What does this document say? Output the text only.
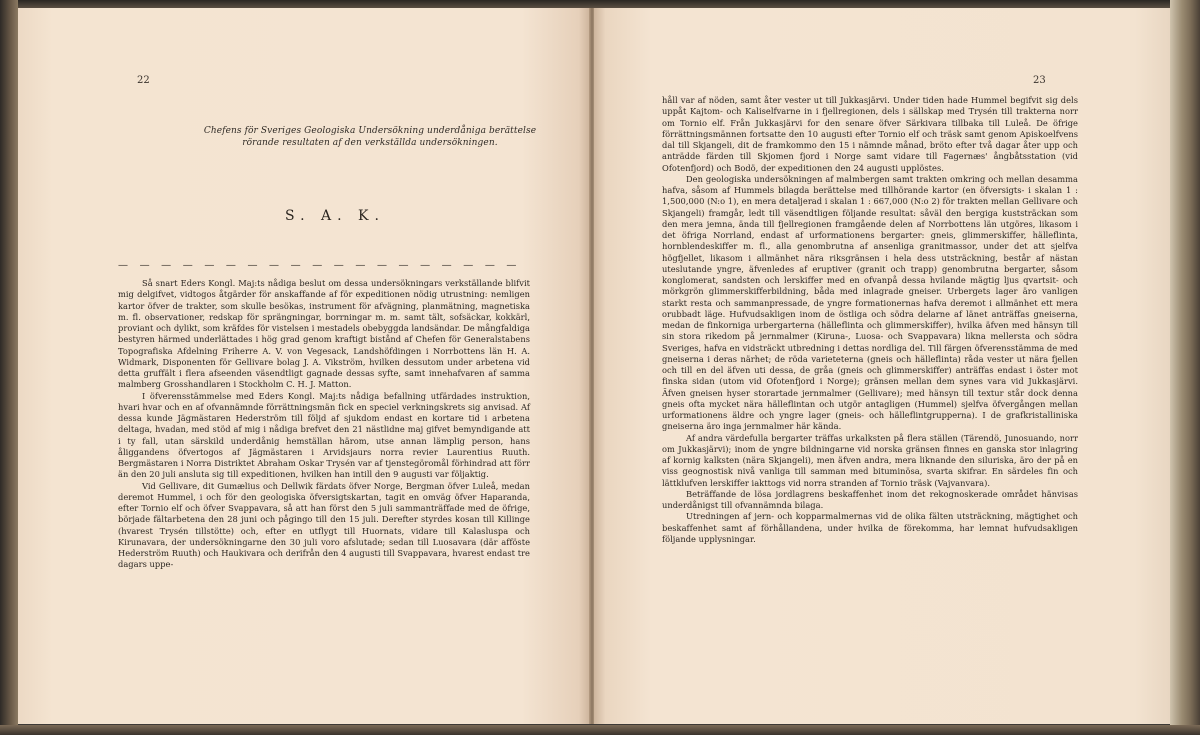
22	23
Chefens för Sveriges Geologiska Undersökning underdåniga berättelse
rörande resultaten af den verkställda undersökningen.
S. A. K.
— — — — — — — — — — — — — — — — — — —

Så snart Eders Kongl. Maj:ts nådiga beslut om dessa undersökningars verkställande blifvit mig delgifvet, vidtogos åtgärder för anskaffande af för expeditionen nödig utrustning: nemligen kartor öfver de trakter, som skulle besökas, instrument för afvägning, planmätning, magnetiska m. fl. observationer, redskap för sprängningar, borrningar m. m. samt tält, sofsäckar, kokkärl, proviant och dylikt, som kräfdes för vistelsen i mestadels obebyggda landsändar. De mångfaldiga bestyren härmed underlättades i hög grad genom kraftigt bistånd af Chefen för Generalstabens Topografiska Afdelning Friherre A. V. von Vegesack, Landshöfdingen i Norrbottens län H. A. Widmark, Disponenten för Gellivare bolag J. A. Vikström, hvilken dessutom under arbetena vid detta gruffält i flera afseenden väsendtligt gagnade dessas syfte, samt innehafvaren af samma malmberg Grosshandlaren i Stockholm C. H. J. Matton.

I öfverensstämmelse med Eders Kongl. Maj:ts nådiga befallning utfärdades instruktion, hvari hvar och en af ofvannämnde förrättningsmän fick en speciel verkningskrets sig anvisad. Af dessa kunde Jägmästaren Hederström till följd af sjukdom endast en kortare tid i arbetena deltaga, hvadan, med stöd af mig i nådiga brefvet den 21 nästlidne maj gifvet bemyndigande att i ty fall, utan särskild underdånig hemställan härom, utse annan lämplig person, hans åliggandens öfvertogos af Jägmästaren i Arvidsjaurs norra revier Laurentius Ruuth. Bergmästaren i Norra Distriktet Abraham Oskar Trysén var af tjenstegöromål förhindrad att förr än den 20 juli ansluta sig till expeditionen, hvilken han intill den 9 augusti var följaktig.

Vid Gellivare, dit Gumælius och Dellwik färdats öfver Norge, Bergman öfver Luleå, medan deremot Hummel, i och för den geologiska öfversigtskartan, tagit en omväg öfver Haparanda, efter Tornio elf och öfver Svappavara, så att han först den 5 juli sammanträffade med de öfrige, började fältarbetena den 28 juni och pågingo till den 15 juli. Derefter styrdes kosan till Killinge (hvarest Trysén tillstötte) och, efter en utflygt till Huornats, vidare till Kalasluspa och Kirunavara, der undersökningarne den 30 juli voro afslutade; sedan till Luosavara (där afföste Hederström Ruuth) och Haukivara och derifrån den 4 augusti till Svappavara, hvarest endast tre dagars uppe-

håll var af nöden, samt åter vester ut till Jukkasjärvi. Under tiden hade Hummel begifvit sig dels uppåt Kajtom- och Kaliselfvarne in i fjellregionen, dels i sällskap med Trysén till trakterna norr om Tornio elf. Från Jukkasjärvi for den senare öfver Särkivara tillbaka till Luleå. De öfrige förrättningsmännen fortsatte den 10 augusti efter Tornio elf och träsk samt genom Apiskoelfvens dal till Skjangeli, dit de framkommo den 15 i nämnde månad, bröto efter två dagar åter upp och anträdde färden till Skjomen fjord i Norge samt vidare till Fagernæs' ångbåtsstation (vid Ofotenfjord) och Bodö, der expeditionen den 24 augusti upplöstes.

Den geologiska undersökningen af malmbergen samt trakten omkring och mellan desamma hafva, såsom af Hummels bilagda berättelse med tillhörande kartor (en öfversigts- i skalan 1 : 1,500,000 (N:o 1), en mera detaljerad i skalan 1 : 667,000 (N:o 2) för trakten mellan Gellivare och Skjangeli) framgår, ledt till väsendtligen följande resultat: såväl den bergiga kuststräckan som den mera jemna, ända till fjellregionen framgående delen af Norrbottens län utgöres, likasom i det öfriga Norrland, endast af urformationens bergarter: gneis, glimmerskiffer, hälleflinta, hornblendeskiffer m. fl., alla genombrutna af ansenliga granitmassor, under det att sjelfva högfjellet, likasom i allmänhet nära riksgränsen i hela dess utsträckning, består af nästan uteslutande yngre, äfvenledes af eruptiver (granit och trapp) genombrutna bergarter, såsom konglomerat, sandsten och lerskiffer med en ofvanpå dessa hvilande mägtig ljus qvartsit- och mörkgrön glimmerskifferbildning, båda med inlagrade gneiser. Urbergets lager äro vanligen starkt resta och sammanpressade, de yngre formationernas hafva deremot i allmänhet ett mera orubbadt läge. Hufvudsakligen inom de östliga och södra delarne af länet anträffas gneiserna, medan de finkorniga urbergarterna (hälleflinta och glimmerskiffer), hvilka äfven med hänsyn till sin stora rikedom på jernmalmer (Kiruna-, Luosa- och Svappavara) likna mellersta och södra Sveriges, hafva en vidsträckt utbredning i dettas nordliga del. Till färgen öfverensstämma de med gneiserna i deras närhet; de röda varieteterna (gneis och hälleflinta) råda vester ut nära fjellen och till en del äfven uti dessa, de gråa (gneis och glimmerskiffer) anträffas endast i öster mot finska sidan (utom vid Ofotenfjord i Norge); gränsen mellan dem synes vara vid Jukkasjärvi. Äfven gneisen hyser storartade jernmalmer (Gellivare); med hänsyn till textur står dock denna gneis ofta mycket nära hälleflintan och utgör antagligen (Hummel) sjelfva öfvergången mellan urformationens äldre och yngre lager (gneis- och hälleflintgrupperna). I de grafkristalliniska gneiserna äro inga jernmalmer här kända.

Af andra värdefulla bergarter träffas urkalksten på flera ställen (Tärendö, Junosuando, norr om Jukkasjärvi); inom de yngre bildningarne vid norska gränsen finnes en ganska stor inlagring af kornig kalksten (nära Skjangeli), men äfven andra, mera liknande den siluriska, äro der på en viss geognostisk nivå vanliga till samman med bituminösa, svarta skifrar. En särdeles fin och lättklufven lerskiffer iakttogs vid norra stranden af Tornio träsk (Vajvanvara).

Beträffande de lösa jordlagrens beskaffenhet inom det rekognoskerade området hänvisas underdånigst till ofvannämnda bilaga.

Utredningen af jern- och kopparmalmernas vid de olika fälten utsträckning, mägtighet och beskaffenhet samt af förhållandena, under hvilka de förekomma, har lemnat hufvudsakligen följande upplysningar.
